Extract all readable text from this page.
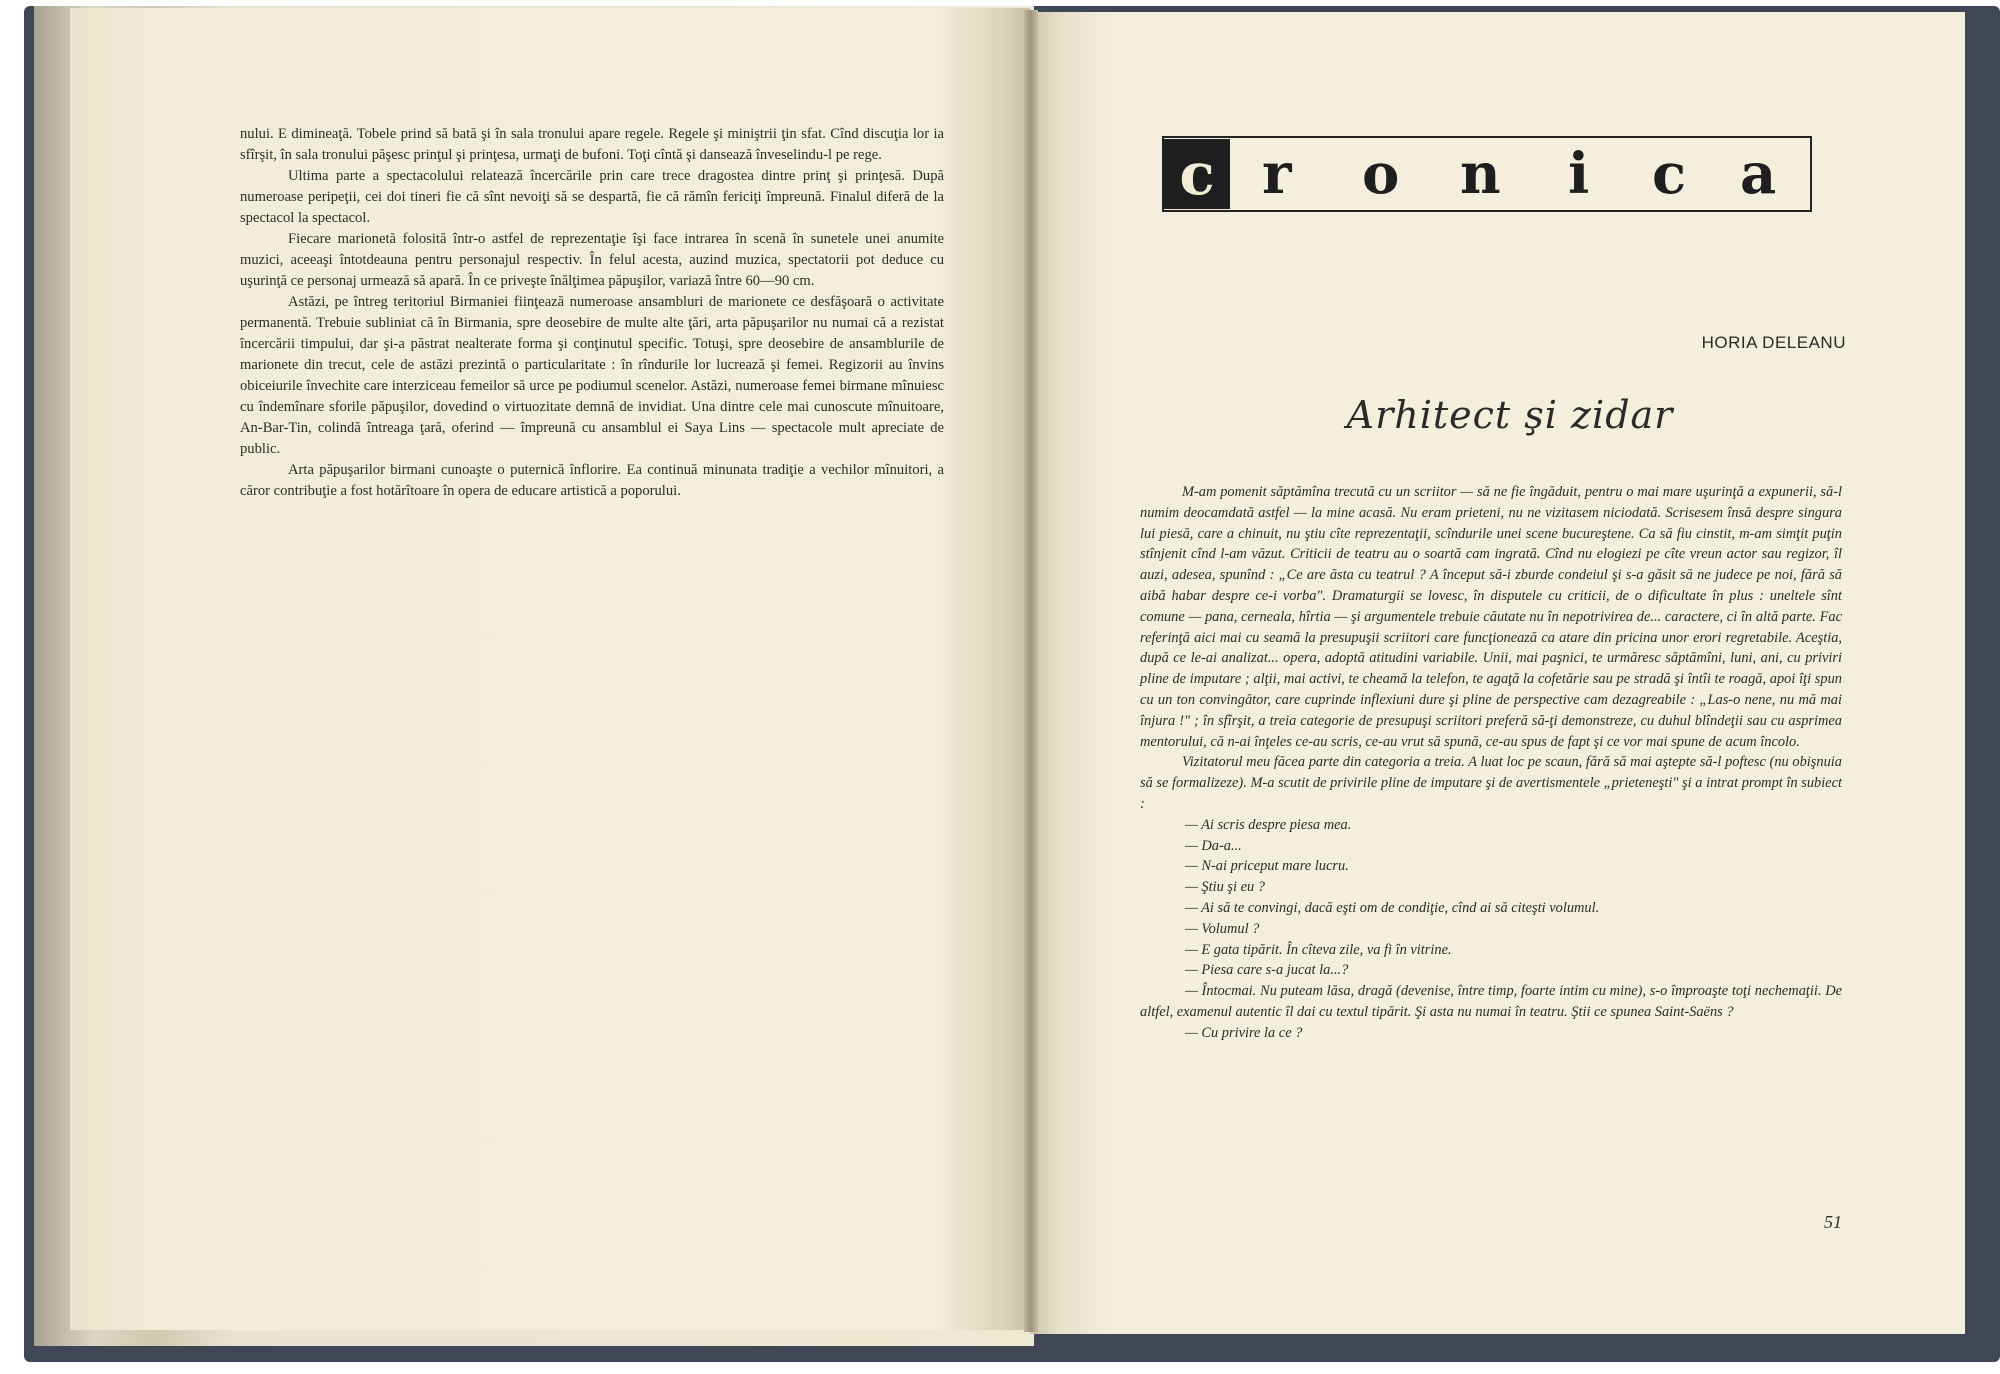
nului. E dimineaţă. Tobele prind să bată şi în sala tronului apare regele. Regele şi miniştrii ţin sfat. Cînd discuţia lor ia sfîrşit, în sala tronului păşesc prinţul şi prinţesa, urmaţi de bufoni. Toţi cîntă şi dansează înveselindu-l pe rege.

Ultima parte a spectacolului relatează încercările prin care trece dragostea dintre prinţ şi prinţesă. După numeroase peripeţii, cei doi tineri fie că sînt nevoiţi să se despartă, fie că rămîn fericiţi împreună. Finalul diferă de la spectacol la spectacol.

Fiecare marionetă folosită într-o astfel de reprezentaţie îşi face intrarea în scenă în sunetele unei anumite muzici, aceeaşi întotdeauna pentru personajul respectiv. În felul acesta, auzind muzica, spectatorii pot deduce cu uşurinţă ce personaj urmează să apară. În ce priveşte înălţimea păpuşilor, variază între 60—90 cm.

Astăzi, pe întreg teritoriul Birmaniei fiinţează numeroase ansambluri de marionete ce desfăşoară o activitate permanentă. Trebuie subliniat că în Birmania, spre deosebire de multe alte ţări, arta păpuşarilor nu numai că a rezistat încercării timpului, dar şi-a păstrat nealterate forma şi conţinutul specific. Totuşi, spre deosebire de ansamblurile de marionete din trecut, cele de astăzi prezintă o particularitate : în rîndurile lor lucrează şi femei. Regizorii au învins obiceiurile învechite care interziceau femeilor să urce pe podiumul scenelor. Astăzi, numeroase femei birmane mînuiesc cu îndemînare sforile păpuşilor, dovedind o virtuozitate demnă de invidiat. Una dintre cele mai cunoscute mînuitoare, An-Bar-Tin, colindă întreaga ţară, oferind — împreună cu ansamblul ei Saya Lins — spectacole mult apreciate de public.

Arta păpuşarilor birmani cunoaşte o puternică înflorire. Ea continuă minunata tradiţie a vechilor mînuitori, a căror contribuţie a fost hotărîtoare în opera de educare artistică a poporului.

c r o n i c a
HORIA DELEANU
Arhitect şi zidar

M-am pomenit săptămîna trecută cu un scriitor — să ne fie îngăduit, pentru o mai mare uşurinţă a expunerii, să-l numim deocamdată astfel — la mine acasă. Nu eram prieteni, nu ne vizitasem niciodată. Scrisesem însă despre singura lui piesă, care a chinuit, nu ştiu cîte reprezentaţii, scîndurile unei scene bucureştene. Ca să fiu cinstit, m-am simţit puţin stînjenit cînd l-am văzut. Criticii de teatru au o soartă cam ingrată. Cînd nu elogiezi pe cîte vreun actor sau regizor, îl auzi, adesea, spunînd : „Ce are ăsta cu teatrul ? A început să-i zburde condeiul şi s-a găsit să ne judece pe noi, fără să aibă habar despre ce-i vorba". Dramaturgii se lovesc, în disputele cu criticii, de o dificultate în plus : uneltele sînt comune — pana, cerneala, hîrtia — şi argumentele trebuie căutate nu în nepotrivirea de... caractere, ci în altă parte. Fac referinţă aici mai cu seamă la presupuşii scriitori care funcţionează ca atare din pricina unor erori regretabile. Aceştia, după ce le-ai analizat... opera, adoptă atitudini variabile. Unii, mai paşnici, te urmăresc săptămîni, luni, ani, cu priviri pline de imputare ; alţii, mai activi, te cheamă la telefon, te agaţă la cofetărie sau pe stradă şi întîi te roagă, apoi îţi spun cu un ton convingător, care cuprinde inflexiuni dure şi pline de perspective cam dezagreabile : „Las-o nene, nu mă mai înjura !" ; în sfîrşit, a treia categorie de presupuşi scriitori preferă să-ţi demonstreze, cu duhul blîndeţii sau cu asprimea mentorului, că n-ai înţeles ce-au scris, ce-au vrut să spună, ce-au spus de fapt şi ce vor mai spune de acum încolo.

Vizitatorul meu făcea parte din categoria a treia. A luat loc pe scaun, fără să mai aştepte să-l poftesc (nu obişnuia să se formalizeze). M-a scutit de privirile pline de imputare şi de avertismentele „prieteneşti" şi a intrat prompt în subiect :

— Ai scris despre piesa mea.

— Da-a...

— N-ai priceput mare lucru.

— Ştiu şi eu ?

— Ai să te convingi, dacă eşti om de condiţie, cînd ai să citeşti volumul.

— Volumul ?

— E gata tipărit. În cîteva zile, va fi în vitrine.

— Piesa care s-a jucat la...?

— Întocmai. Nu puteam lăsa, dragă (devenise, între timp, foarte intim cu mine), s-o împroaşte toţi nechemaţii. De altfel, examenul autentic îl dai cu textul tipărit. Şi asta nu numai în teatru. Ştii ce spunea Saint-Saëns ?

— Cu privire la ce ?

51
